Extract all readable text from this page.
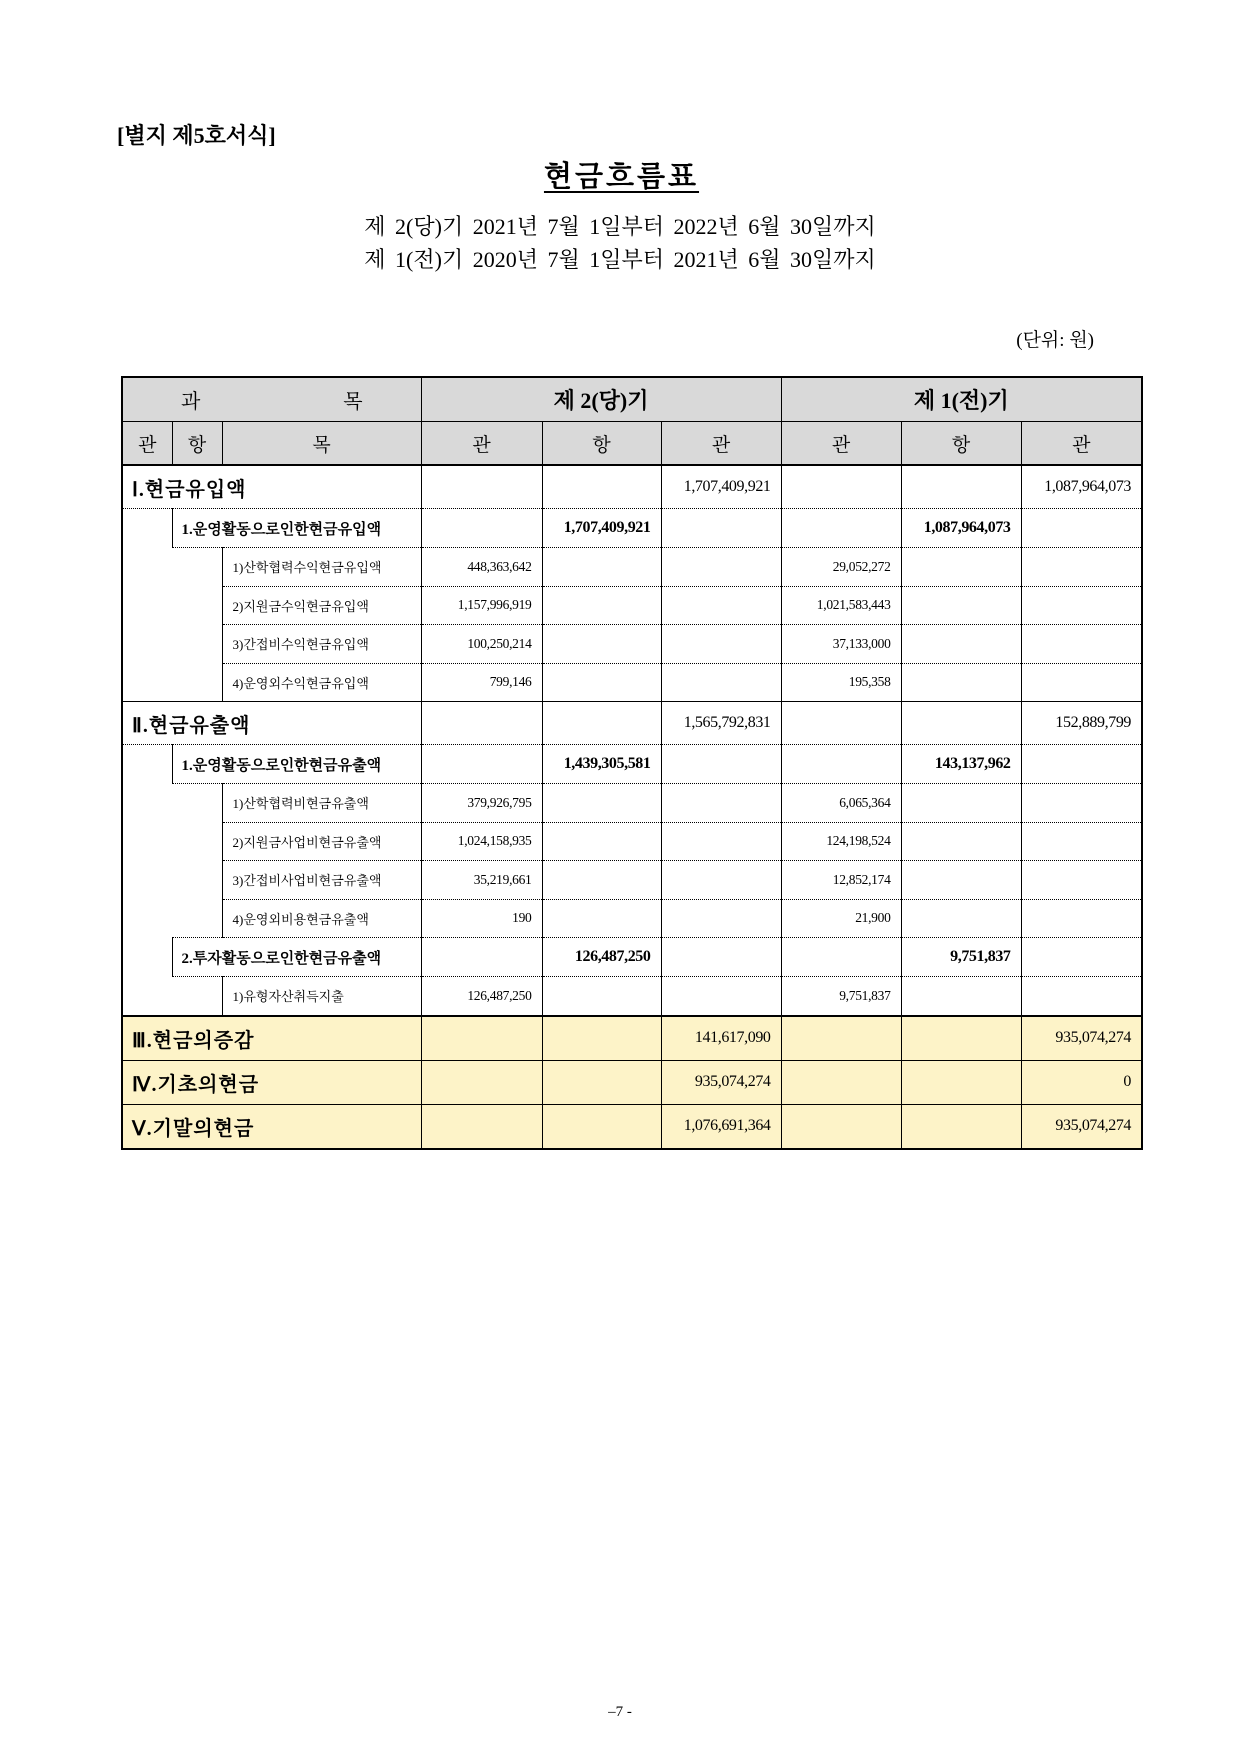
[별지 제5호서식]
현금흐름표
제 2(당)기 2021년 7월 1일부터 2022년 6월 30일까지
제 1(전)기 2020년 7월 1일부터 2021년 6월 30일까지
(단위: 원)
과 목			제 2(당)기			제 1(전)기		
관	항	목	관	항	관	관	항	관
Ⅰ.현금유입액					1,707,409,921			1,087,964,073
	1.운영활동으로인한현금유입액			1,707,409,921			1,087,964,073	
		1)산학협력수익현금유입액	448,363,642			29,052,272		
		2)지원금수익현금유입액	1,157,996,919			1,021,583,443		
		3)간접비수익현금유입액	100,250,214			37,133,000		
		4)운영외수익현금유입액	799,146			195,358		
Ⅱ.현금유출액					1,565,792,831			152,889,799
	1.운영활동으로인한현금유출액			1,439,305,581			143,137,962	
		1)산학협력비현금유출액	379,926,795			6,065,364		
		2)지원금사업비현금유출액	1,024,158,935			124,198,524		
		3)간접비사업비현금유출액	35,219,661			12,852,174		
		4)운영외비용현금유출액	190			21,900		
	2.투자활동으로인한현금유출액			126,487,250			9,751,837	
		1)유형자산취득지출	126,487,250			9,751,837		
Ⅲ.현금의증감					141,617,090			935,074,274
Ⅳ.기초의현금					935,074,274			0
Ⅴ.기말의현금					1,076,691,364			935,074,274
–7 -
